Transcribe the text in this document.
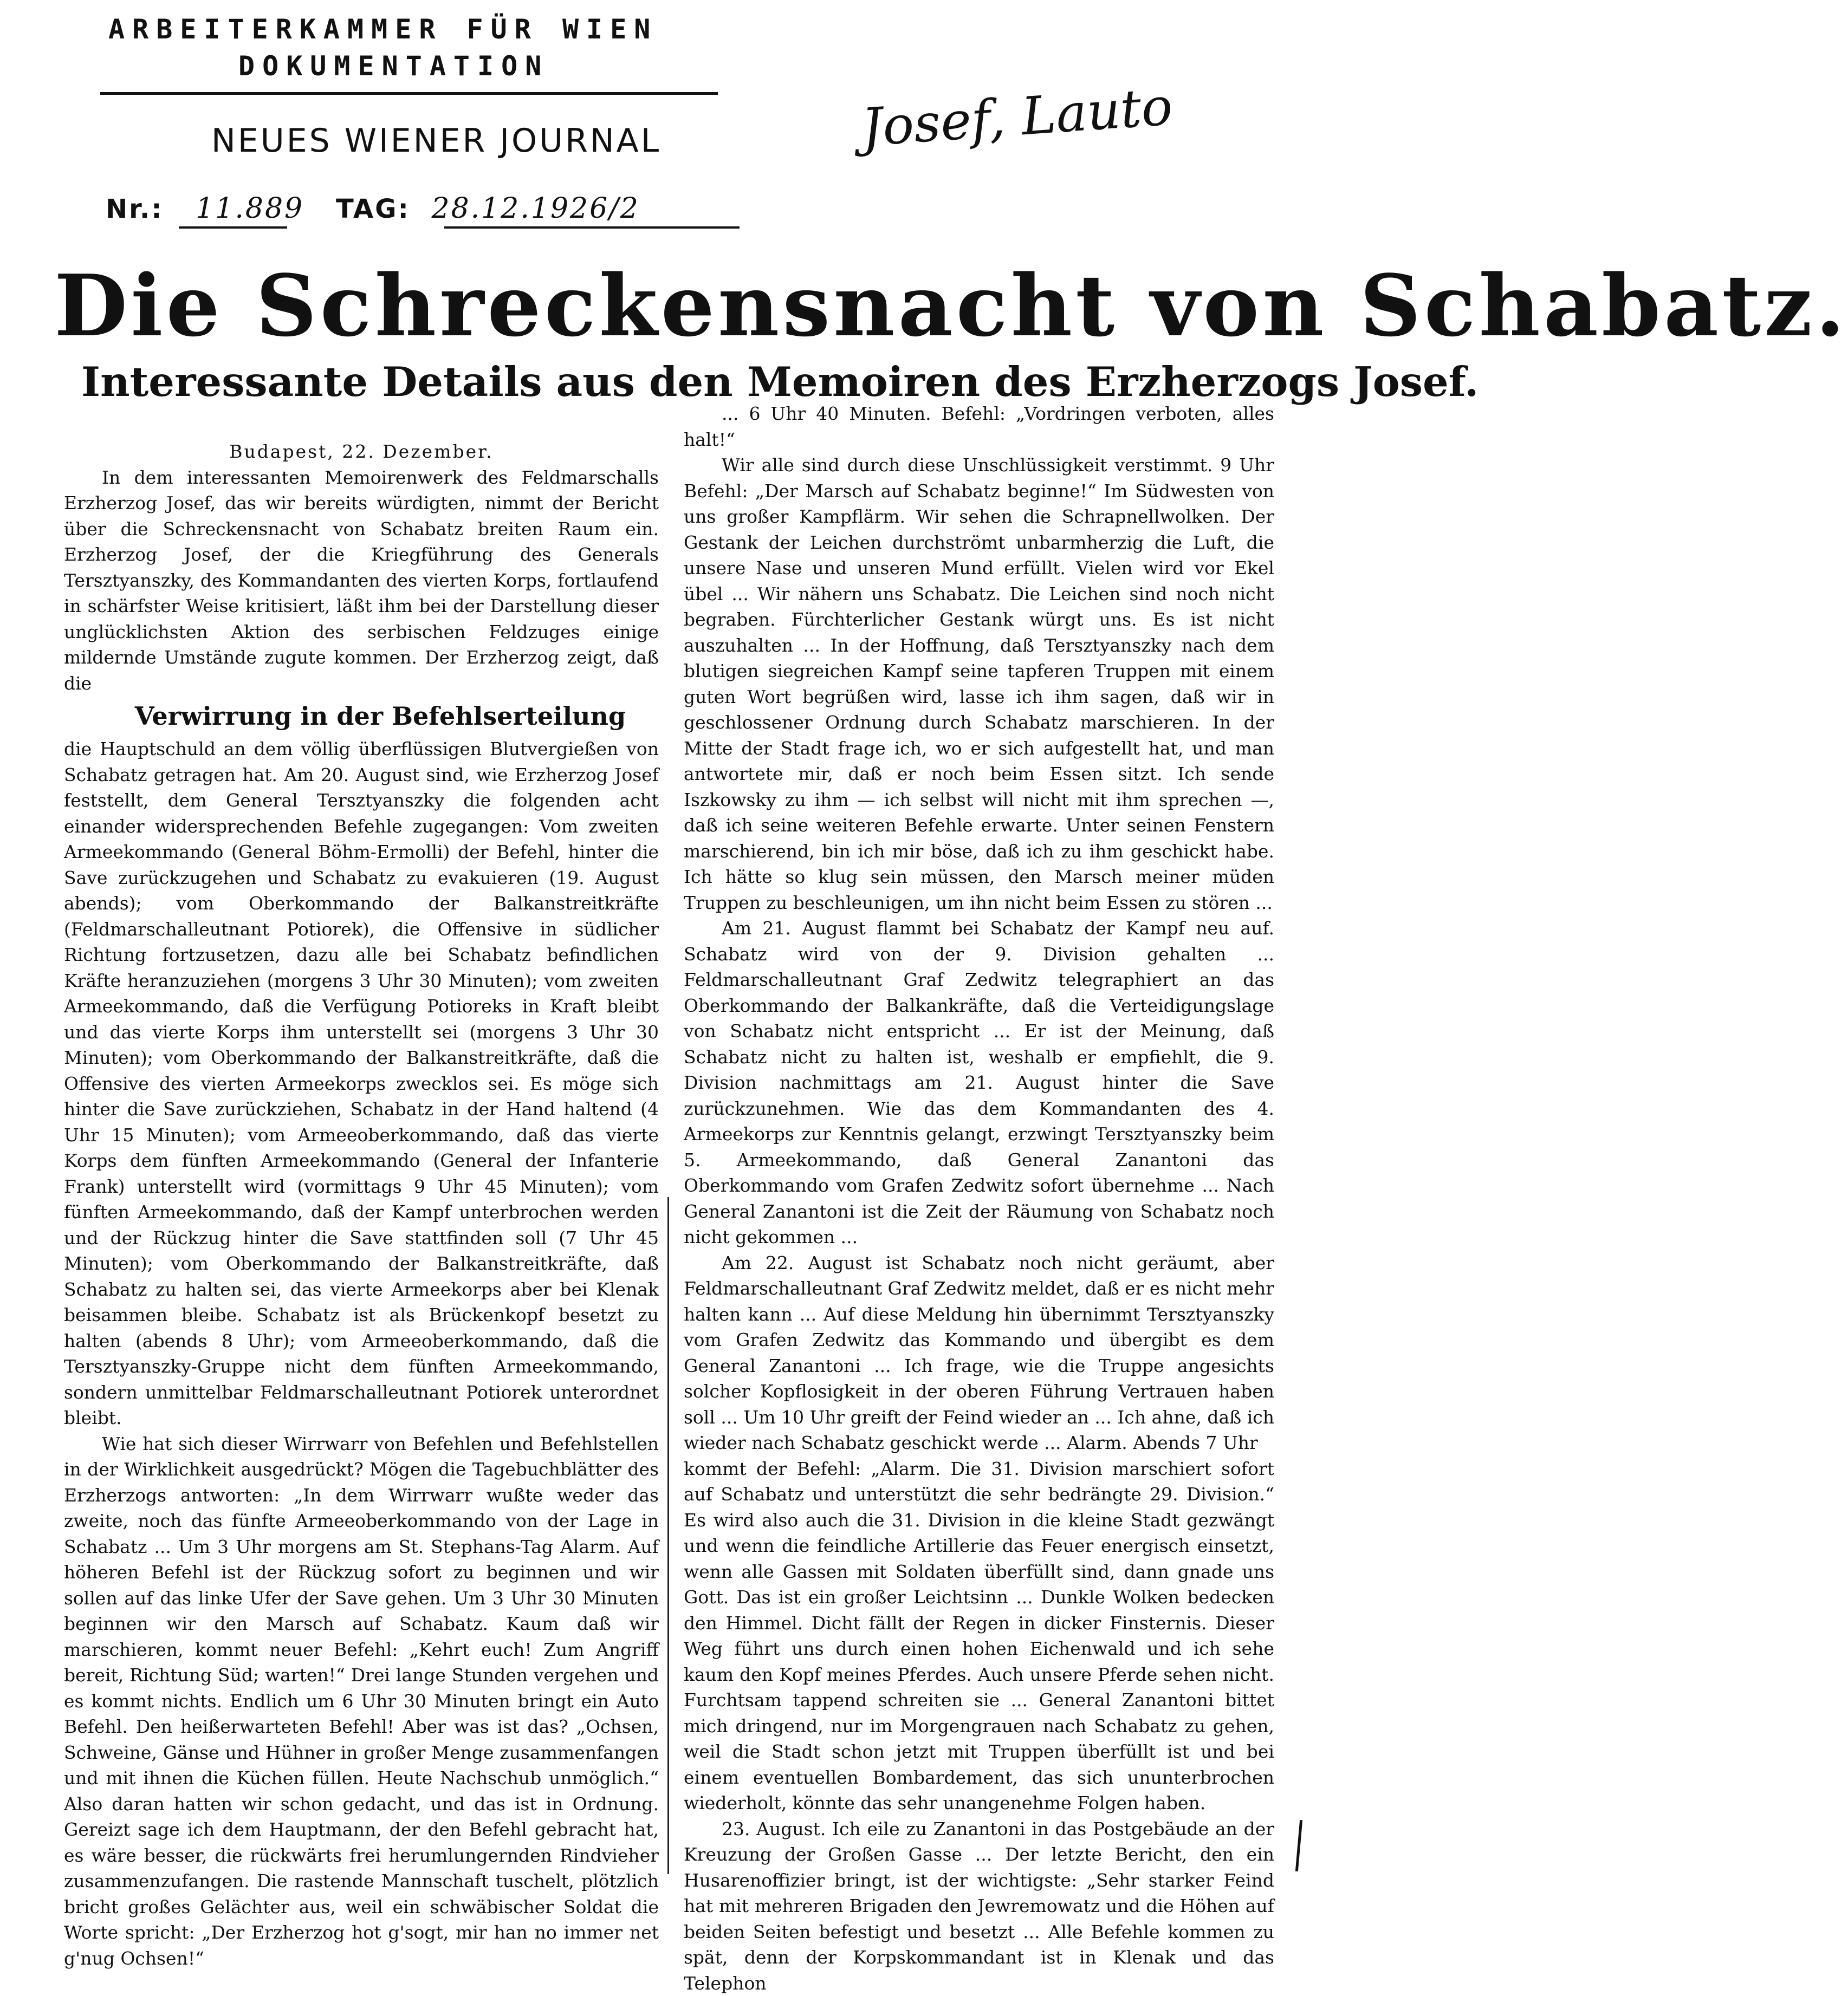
ARBEITERKAMMER FÜR WIEN
DOKUMENTATION
NEUES WIENER JOURNAL
Nr.: 11.889 TAG: 28.12.1926/2
Josef, Lauto
Die Schreckensnacht von Schabatz.
Interessante Details aus den Memoiren des Erzherzogs Josef.

Budapest, 22. Dezember.

In dem interessanten Memoirenwerk des Feldmarschalls Erzherzog Josef, das wir bereits würdigten, nimmt der Bericht über die Schreckensnacht von Schabatz breiten Raum ein. Erzherzog Josef, der die Kriegführung des Generals Tersztyanszky, des Kommandanten des vierten Korps, fortlaufend in schärfster Weise kritisiert, läßt ihm bei der Darstellung dieser unglücklichsten Aktion des serbischen Feldzuges einige mildernde Umstände zugute kommen. Der Erzherzog zeigt, daß die

Verwirrung in der Befehlserteilung

die Hauptschuld an dem völlig überflüssigen Blutvergießen von Schabatz getragen hat. Am 20. August sind, wie Erzherzog Josef feststellt, dem General Tersztyanszky die folgenden acht einander widersprechenden Befehle zugegangen: Vom zweiten Armeekommando (General Böhm-Ermolli) der Befehl, hinter die Save zurückzugehen und Schabatz zu evakuieren (19. August abends); vom Oberkommando der Balkanstreitkräfte (Feldmarschalleutnant Potiorek), die Offensive in südlicher Richtung fortzusetzen, dazu alle bei Schabatz befindlichen Kräfte heranzuziehen (morgens 3 Uhr 30 Minuten); vom zweiten Armeekommando, daß die Verfügung Potioreks in Kraft bleibt und das vierte Korps ihm unterstellt sei (morgens 3 Uhr 30 Minuten); vom Oberkommando der Balkanstreitkräfte, daß die Offensive des vierten Armeekorps zwecklos sei. Es möge sich hinter die Save zurückziehen, Schabatz in der Hand haltend (4 Uhr 15 Minuten); vom Armeeoberkommando, daß das vierte Korps dem fünften Armeekommando (General der Infanterie Frank) unterstellt wird (vormittags 9 Uhr 45 Minuten); vom fünften Armeekommando, daß der Kampf unterbrochen werden und der Rückzug hinter die Save stattfinden soll (7 Uhr 45 Minuten); vom Oberkommando der Balkanstreitkräfte, daß Schabatz zu halten sei, das vierte Armeekorps aber bei Klenak beisammen bleibe. Schabatz ist als Brückenkopf besetzt zu halten (abends 8 Uhr); vom Armeeoberkommando, daß die Tersztyanszky-Gruppe nicht dem fünften Armeekommando, sondern unmittelbar Feldmarschalleutnant Potiorek unterordnet bleibt.

Wie hat sich dieser Wirrwarr von Befehlen und Befehlstellen in der Wirklichkeit ausgedrückt? Mögen die Tagebuchblätter des Erzherzogs antworten: „In dem Wirrwarr wußte weder das zweite, noch das fünfte Armeeoberkommando von der Lage in Schabatz ... Um 3 Uhr morgens am St. Stephans-Tag Alarm. Auf höheren Befehl ist der Rückzug sofort zu beginnen und wir sollen auf das linke Ufer der Save gehen. Um 3 Uhr 30 Minuten beginnen wir den Marsch auf Schabatz. Kaum daß wir marschieren, kommt neuer Befehl: „Kehrt euch! Zum Angriff bereit, Richtung Süd; warten!“ Drei lange Stunden vergehen und es kommt nichts. Endlich um 6 Uhr 30 Minuten bringt ein Auto Befehl. Den heißerwarteten Befehl! Aber was ist das? „Ochsen, Schweine, Gänse und Hühner in großer Menge zusammenfangen und mit ihnen die Küchen füllen. Heute Nachschub unmöglich.“ Also daran hatten wir schon gedacht, und das ist in Ordnung. Gereizt sage ich dem Hauptmann, der den Befehl gebracht hat, es wäre besser, die rückwärts frei herumlungernden Rindvieher zusammenzufangen. Die rastende Mannschaft tuschelt, plötzlich bricht großes Gelächter aus, weil ein schwäbischer Soldat die Worte spricht: „Der Erzherzog hot g'sogt, mir han no immer net g'nug Ochsen!“

... 6 Uhr 40 Minuten. Befehl: „Vordringen verboten, alles halt!“

Wir alle sind durch diese Unschlüssigkeit verstimmt. 9 Uhr Befehl: „Der Marsch auf Schabatz beginne!“ Im Südwesten von uns großer Kampflärm. Wir sehen die Schrapnellwolken. Der Gestank der Leichen durchströmt unbarmherzig die Luft, die unsere Nase und unseren Mund erfüllt. Vielen wird vor Ekel übel ... Wir nähern uns Schabatz. Die Leichen sind noch nicht begraben. Fürchterlicher Gestank würgt uns. Es ist nicht auszuhalten ... In der Hoffnung, daß Tersztyanszky nach dem blutigen siegreichen Kampf seine tapferen Truppen mit einem guten Wort begrüßen wird, lasse ich ihm sagen, daß wir in geschlossener Ordnung durch Schabatz marschieren. In der Mitte der Stadt frage ich, wo er sich aufgestellt hat, und man antwortete mir, daß er noch beim Essen sitzt. Ich sende Iszkowsky zu ihm — ich selbst will nicht mit ihm sprechen —, daß ich seine weiteren Befehle erwarte. Unter seinen Fenstern marschierend, bin ich mir böse, daß ich zu ihm geschickt habe. Ich hätte so klug sein müssen, den Marsch meiner müden Truppen zu beschleunigen, um ihn nicht beim Essen zu stören ...

Am 21. August flammt bei Schabatz der Kampf neu auf. Schabatz wird von der 9. Division gehalten ... Feldmarschalleutnant Graf Zedwitz telegraphiert an das Oberkommando der Balkankräfte, daß die Verteidigungslage von Schabatz nicht entspricht ... Er ist der Meinung, daß Schabatz nicht zu halten ist, weshalb er empfiehlt, die 9. Division nachmittags am 21. August hinter die Save zurückzunehmen. Wie das dem Kommandanten des 4. Armeekorps zur Kenntnis gelangt, erzwingt Tersztyanszky beim 5. Armeekommando, daß General Zanantoni das Oberkommando vom Grafen Zedwitz sofort übernehme ... Nach General Zanantoni ist die Zeit der Räumung von Schabatz noch nicht gekommen ...

Am 22. August ist Schabatz noch nicht geräumt, aber Feldmarschalleutnant Graf Zedwitz meldet, daß er es nicht mehr halten kann ... Auf diese Meldung hin übernimmt Tersztyanszky vom Grafen Zedwitz das Kommando und übergibt es dem General Zanantoni ... Ich frage, wie die Truppe angesichts solcher Kopflosigkeit in der oberen Führung Vertrauen haben soll ... Um 10 Uhr greift der Feind wieder an ... Ich ahne, daß ich wieder nach Schabatz geschickt werde ... Alarm. Abends 7 Uhr

kommt der Befehl: „Alarm. Die 31. Division marschiert sofort auf Schabatz und unterstützt die sehr bedrängte 29. Division.“ Es wird also auch die 31. Division in die kleine Stadt gezwängt und wenn die feindliche Artillerie das Feuer energisch einsetzt, wenn alle Gassen mit Soldaten überfüllt sind, dann gnade uns Gott. Das ist ein großer Leichtsinn ... Dunkle Wolken bedecken den Himmel. Dicht fällt der Regen in dicker Finsternis. Dieser Weg führt uns durch einen hohen Eichenwald und ich sehe kaum den Kopf meines Pferdes. Auch unsere Pferde sehen nicht. Furchtsam tappend schreiten sie ... General Zanantoni bittet mich dringend, nur im Morgengrauen nach Schabatz zu gehen, weil die Stadt schon jetzt mit Truppen überfüllt ist und bei einem eventuellen Bombardement, das sich ununterbrochen wiederholt, könnte das sehr unangenehme Folgen haben.

23. August. Ich eile zu Zanantoni in das Postgebäude an der Kreuzung der Großen Gasse ... Der letzte Bericht, den ein Husarenoffizier bringt, ist der wichtigste: „Sehr starker Feind hat mit mehreren Brigaden den Jewremowatz und die Höhen auf beiden Seiten befestigt und besetzt ... Alle Befehle kommen zu spät, denn der Korpskommandant ist in Klenak und das Telephon
